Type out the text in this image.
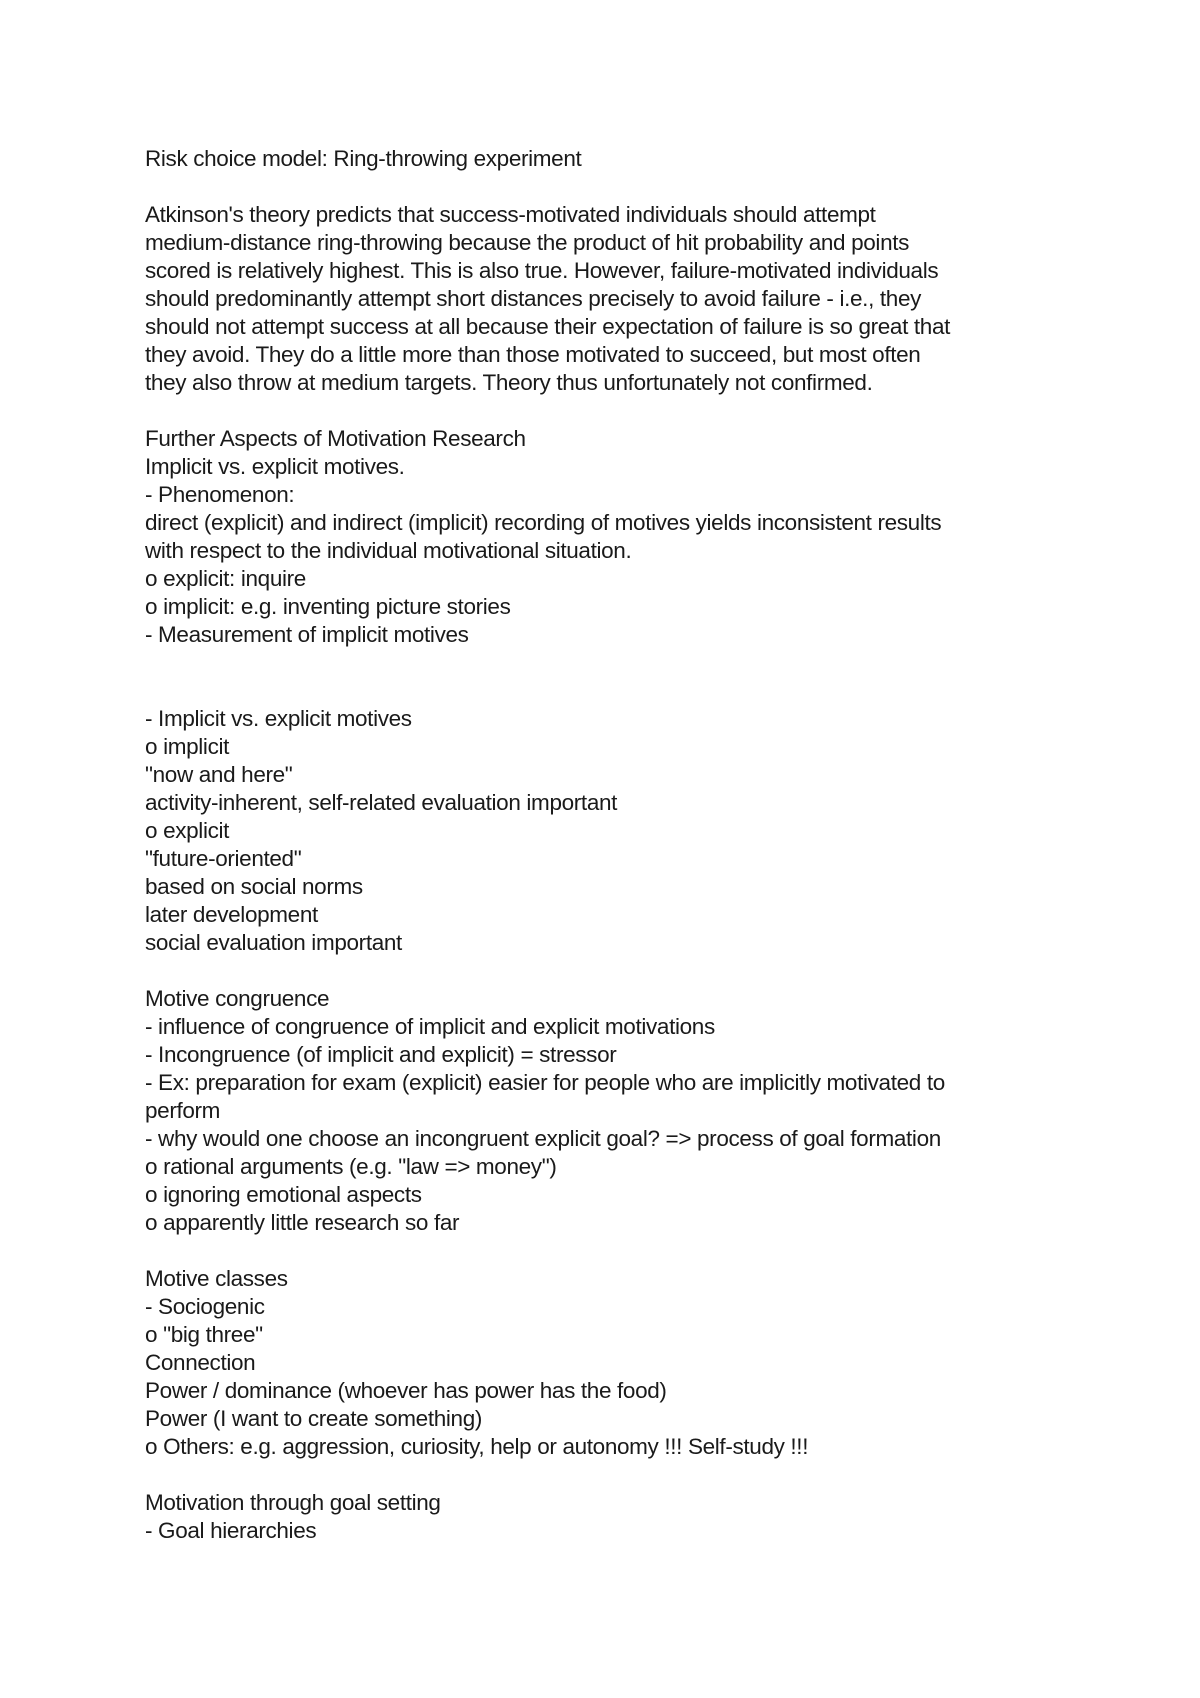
Risk choice model: Ring-throwing experiment
Atkinson's theory predicts that success-motivated individuals should attempt
medium-distance ring-throwing because the product of hit probability and points
scored is relatively highest. This is also true. However, failure-motivated individuals
should predominantly attempt short distances precisely to avoid failure - i.e., they
should not attempt success at all because their expectation of failure is so great that
they avoid. They do a little more than those motivated to succeed, but most often
they also throw at medium targets. Theory thus unfortunately not confirmed.
Further Aspects of Motivation Research
Implicit vs. explicit motives.
- Phenomenon:
direct (explicit) and indirect (implicit) recording of motives yields inconsistent results
with respect to the individual motivational situation.
o explicit: inquire
o implicit: e.g. inventing picture stories
- Measurement of implicit motives
- Implicit vs. explicit motives
o implicit
"now and here"
activity-inherent, self-related evaluation important
o explicit
"future-oriented"
based on social norms
later development
social evaluation important
Motive congruence
- influence of congruence of implicit and explicit motivations
- Incongruence (of implicit and explicit) = stressor
- Ex: preparation for exam (explicit) easier for people who are implicitly motivated to
perform
- why would one choose an incongruent explicit goal? => process of goal formation
o rational arguments (e.g. "law => money")
o ignoring emotional aspects
o apparently little research so far
Motive classes
- Sociogenic
o "big three"
Connection
Power / dominance (whoever has power has the food)
Power (I want to create something)
o Others: e.g. aggression, curiosity, help or autonomy !!! Self-study !!!
Motivation through goal setting
- Goal hierarchies
